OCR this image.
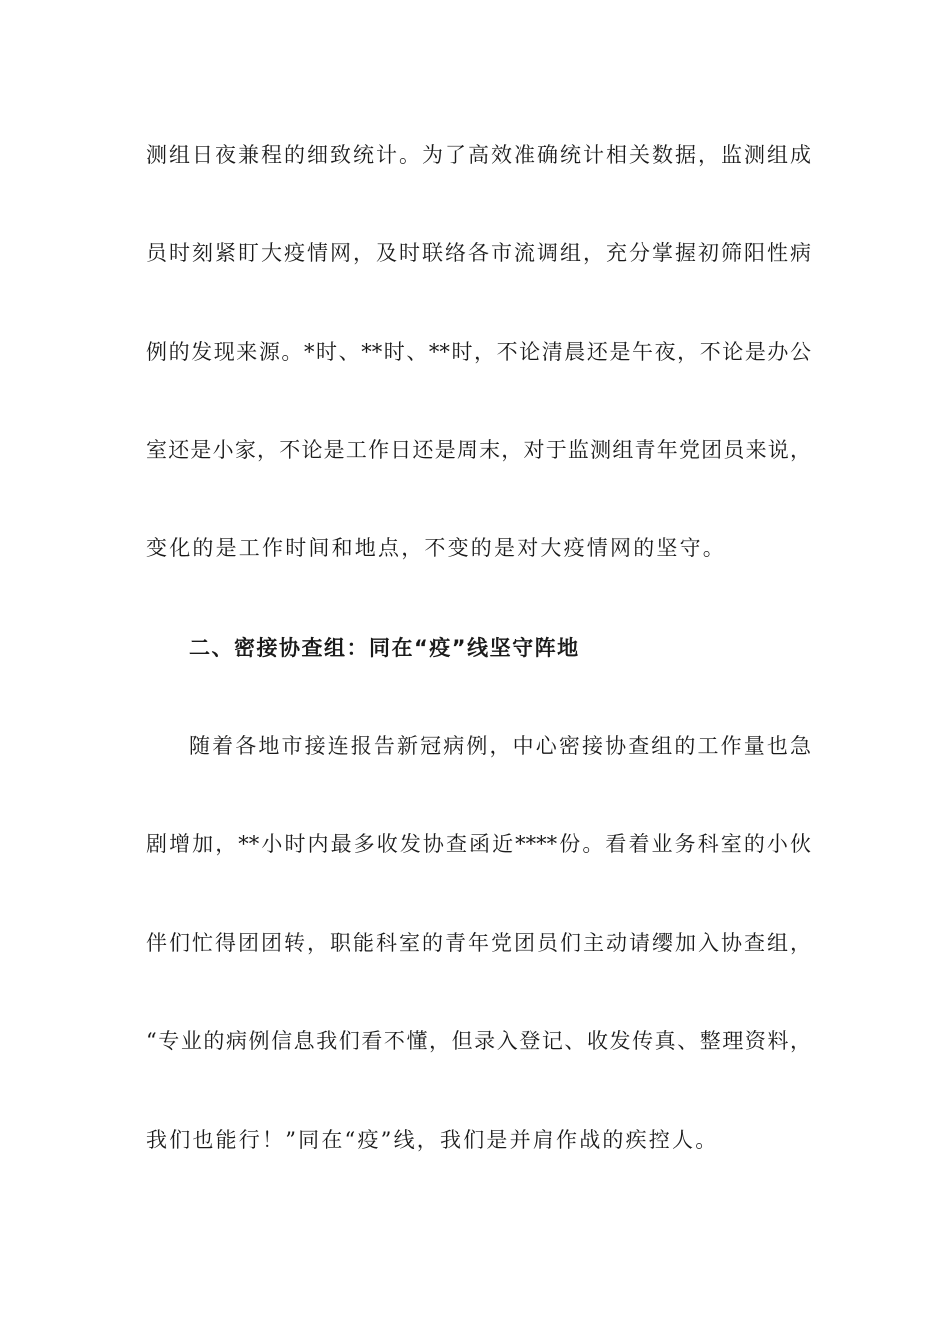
测组日夜兼程的细致统计。为了高效准确统计相关数据，监测组成
员时刻紧盯大疫情网，及时联络各市流调组，充分掌握初筛阳性病
例的发现来源。*时、**时、**时，不论清晨还是午夜，不论是办公
室还是小家，不论是工作日还是周末，对于监测组青年党团员来说，
变化的是工作时间和地点，不变的是对大疫情网的坚守。
二、密接协查组：同在“疫”线坚守阵地
随着各地市接连报告新冠病例，中心密接协查组的工作量也急
剧增加，**小时内最多收发协查函近****份。看着业务科室的小伙
伴们忙得团团转，职能科室的青年党团员们主动请缨加入协查组，
“专业的病例信息我们看不懂，但录入登记、收发传真、整理资料，
我们也能行！”同在“疫”线，我们是并肩作战的疾控人。
